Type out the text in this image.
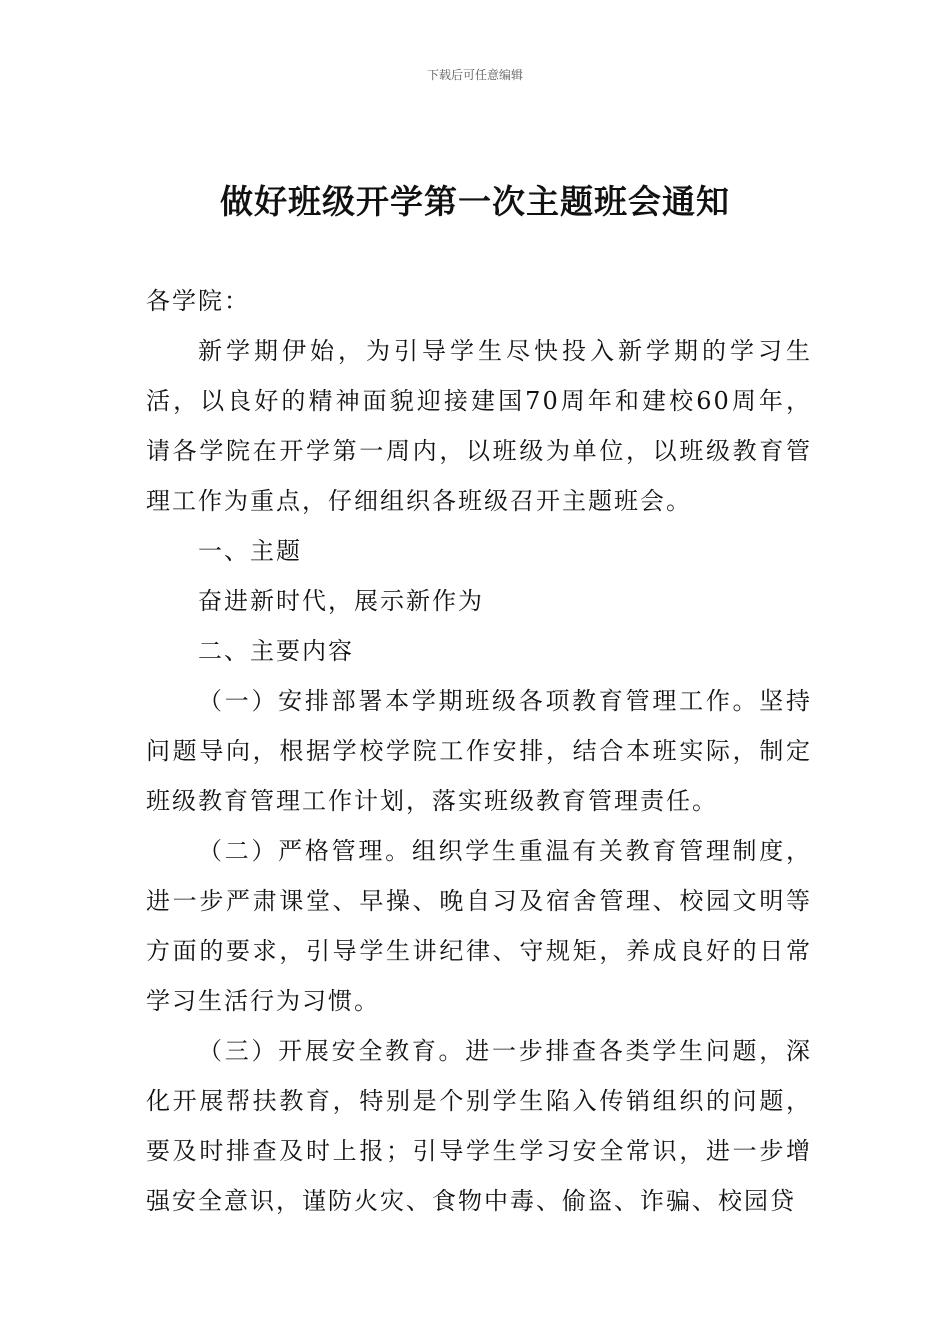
下载后可任意编辑
做好班级开学第一次主题班会通知

各学院：

新学期伊始，为引导学生尽快投入新学期的学习生活，以良好的精神面貌迎接建国70周年和建校60周年，请各学院在开学第一周内，以班级为单位，以班级教育管理工作为重点，仔细组织各班级召开主题班会。

一、主题

奋进新时代，展示新作为

二、主要内容

（一）安排部署本学期班级各项教育管理工作。坚持问题导向，根据学校学院工作安排，结合本班实际，制定班级教育管理工作计划，落实班级教育管理责任。

（二）严格管理。组织学生重温有关教育管理制度，进一步严肃课堂、早操、晚自习及宿舍管理、校园文明等方面的要求，引导学生讲纪律、守规矩，养成良好的日常学习生活行为习惯。

（三）开展安全教育。进一步排查各类学生问题，深化开展帮扶教育，特别是个别学生陷入传销组织的问题，要及时排查及时上报；引导学生学习安全常识，进一步增强安全意识，谨防火灾、食物中毒、偷盗、诈骗、校园贷
